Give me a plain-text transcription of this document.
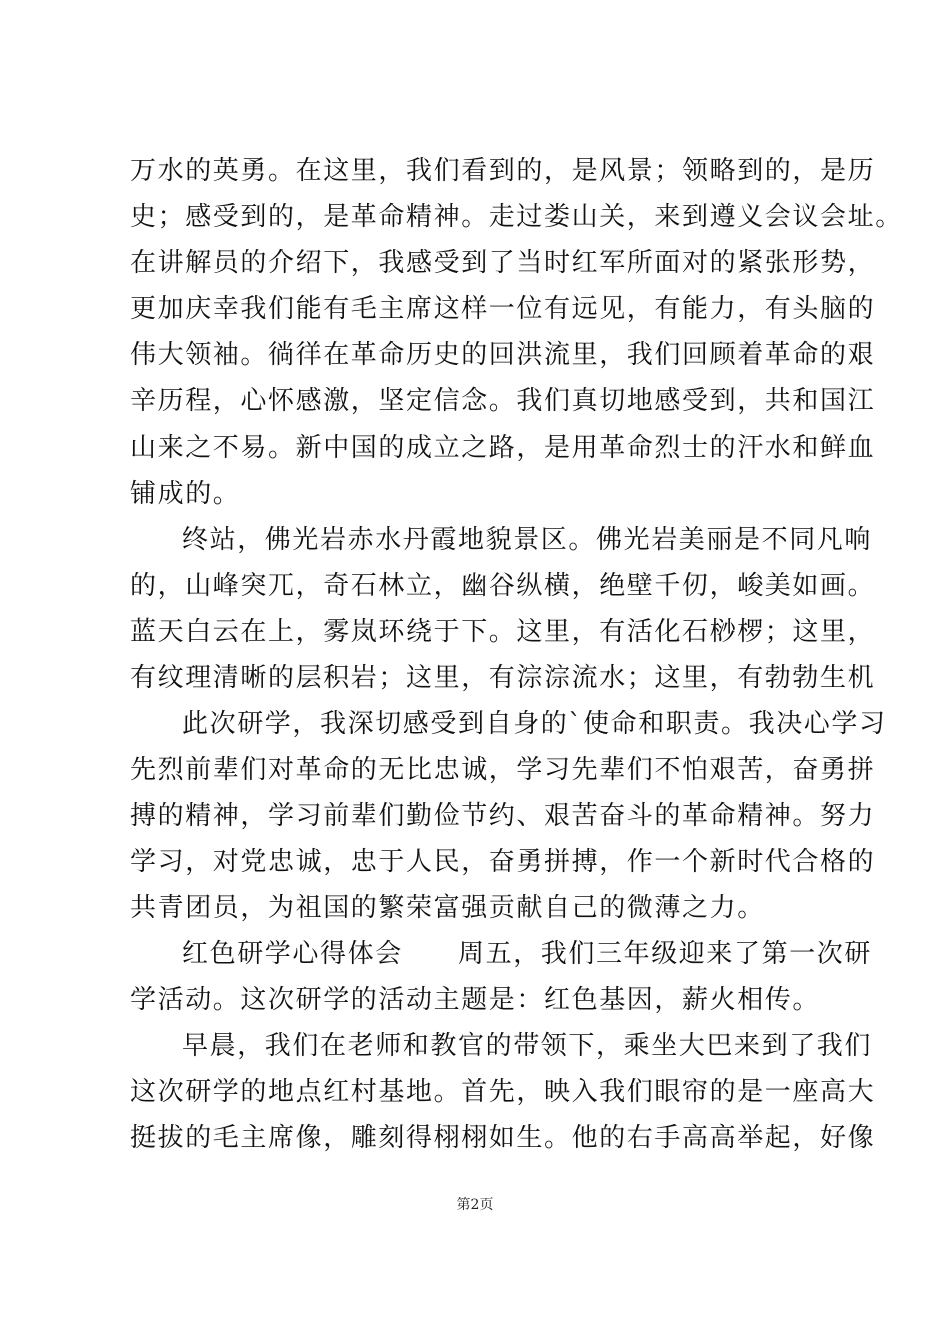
万水的英勇。在这里，我们看到的，是风景；领略到的，是历
史；感受到的，是革命精神。走过娄山关，来到遵义会议会址。
在讲解员的介绍下，我感受到了当时红军所面对的紧张形势，
更加庆幸我们能有毛主席这样一位有远见，有能力，有头脑的
伟大领袖。徜徉在革命历史的回洪流里，我们回顾着革命的艰
辛历程，心怀感激，坚定信念。我们真切地感受到，共和国江
山来之不易。新中国的成立之路，是用革命烈士的汗水和鲜血
铺成的。
终站，佛光岩赤水丹霞地貌景区。佛光岩美丽是不同凡响
的，山峰突兀，奇石林立，幽谷纵横，绝壁千仞，峻美如画。
蓝天白云在上，雾岚环绕于下。这里，有活化石桫椤；这里，
有纹理清晰的层积岩；这里，有淙淙流水；这里，有勃勃生机
此次研学，我深切感受到自身的`使命和职责。我决心学习
先烈前辈们对革命的无比忠诚，学习先辈们不怕艰苦，奋勇拼
搏的精神，学习前辈们勤俭节约、艰苦奋斗的革命精神。努力
学习，对党忠诚，忠于人民，奋勇拼搏，作一个新时代合格的
共青团员，为祖国的繁荣富强贡献自己的微薄之力。
红色研学心得体会　　周五，我们三年级迎来了第一次研
学活动。这次研学的活动主题是：红色基因，薪火相传。
早晨，我们在老师和教官的带领下，乘坐大巴来到了我们
这次研学的地点红村基地。首先，映入我们眼帘的是一座高大
挺拔的毛主席像，雕刻得栩栩如生。他的右手高高举起，好像
第2页
